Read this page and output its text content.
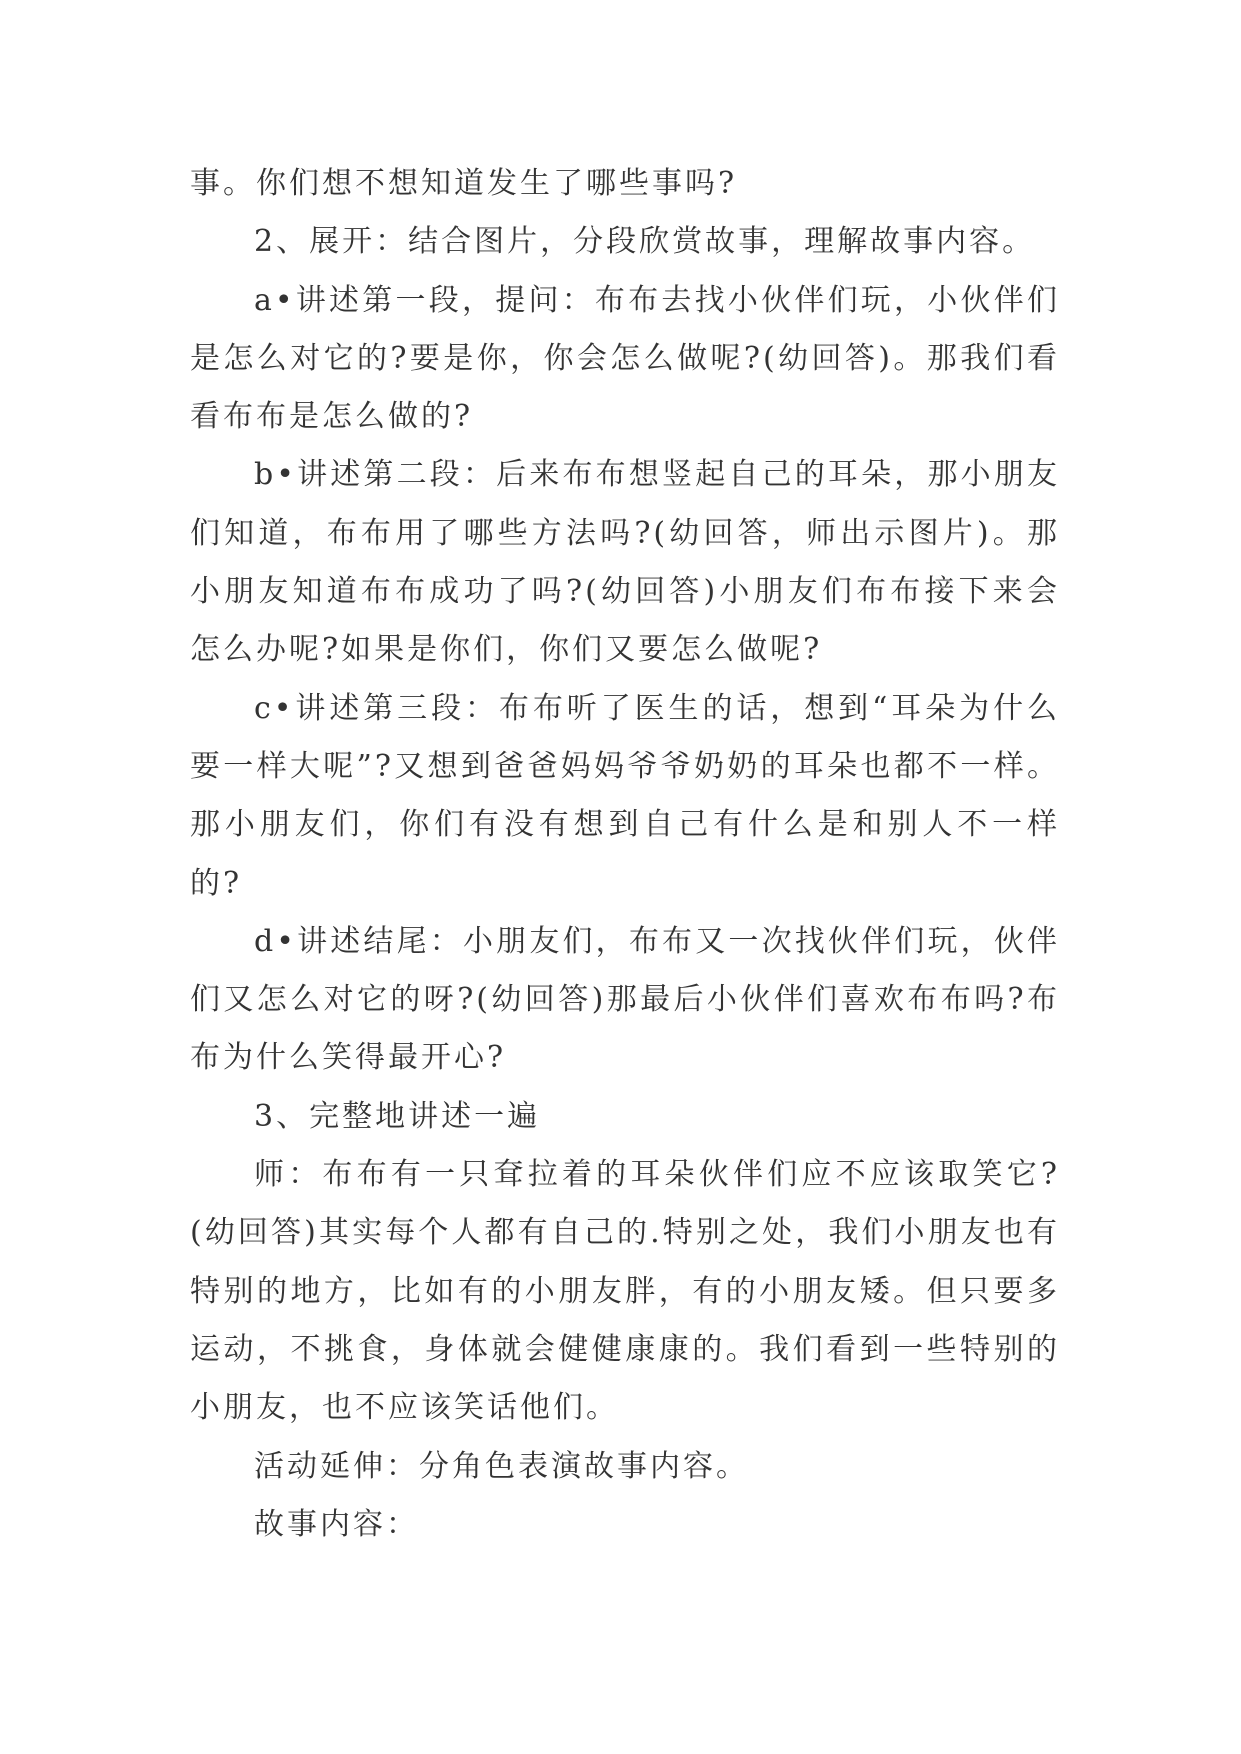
事。你们想不想知道发生了哪些事吗?

2、展开：结合图片，分段欣赏故事，理解故事内容。

a•讲述第一段，提问：布布去找小伙伴们玩，小伙伴们是怎么对它的?要是你，你会怎么做呢?(幼回答)。那我们看看布布是怎么做的?

b•讲述第二段：后来布布想竖起自己的耳朵，那小朋友们知道，布布用了哪些方法吗?(幼回答，师出示图片)。那小朋友知道布布成功了吗?(幼回答)小朋友们布布接下来会怎么办呢?如果是你们，你们又要怎么做呢?

c•讲述第三段：布布听了医生的话，想到“耳朵为什么要一样大呢”?又想到爸爸妈妈爷爷奶奶的耳朵也都不一样。那小朋友们，你们有没有想到自己有什么是和别人不一样的?

d•讲述结尾：小朋友们，布布又一次找伙伴们玩，伙伴们又怎么对它的呀?(幼回答)那最后小伙伴们喜欢布布吗?布布为什么笑得最开心?

3、完整地讲述一遍

师：布布有一只耷拉着的耳朵伙伴们应不应该取笑它?(幼回答)其实每个人都有自己的.特别之处，我们小朋友也有特别的地方，比如有的小朋友胖，有的小朋友矮。但只要多运动，不挑食，身体就会健健康康的。我们看到一些特别的小朋友，也不应该笑话他们。

活动延伸：分角色表演故事内容。

故事内容：
